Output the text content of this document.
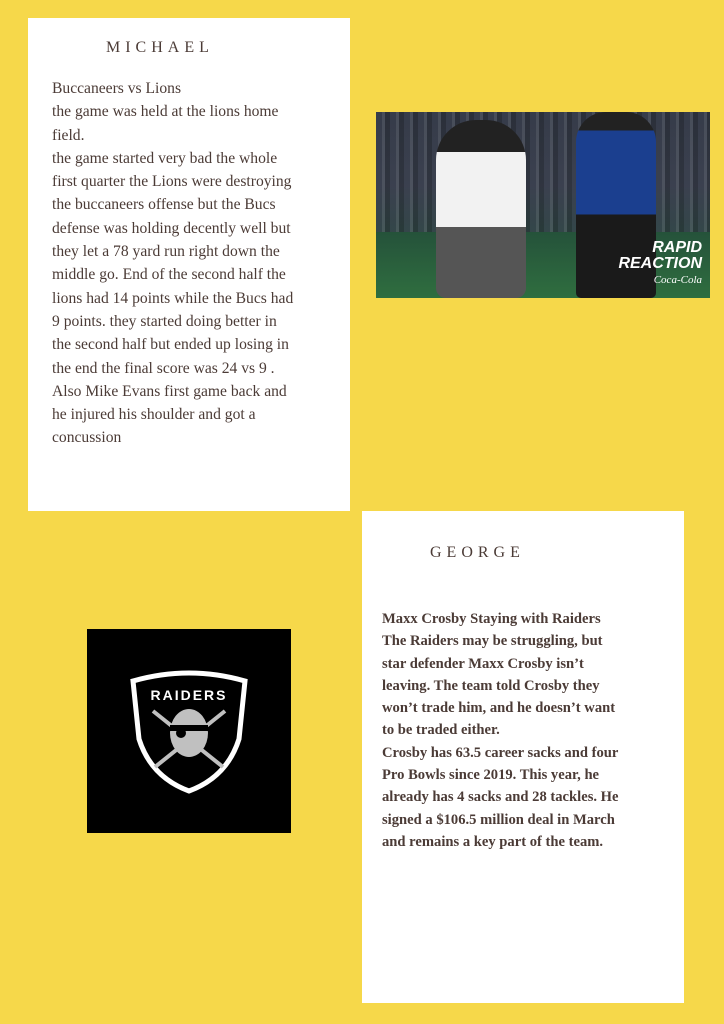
MICHAEL
Buccaneers vs Lions
the game was held at the lions home
field.
the game started very bad the whole
first quarter the Lions were destroying
the buccaneers offense but the Bucs
defense was holding decently well but
they let a 78 yard run right down the
middle go. End of the second half the
lions had 14 points while the Bucs had
9 points. they started doing better in
the second half but ended up losing in
the end the final score was 24 vs 9 .
Also Mike Evans first game back and
he injured his shoulder and got a
concussion
RAPID
REACTION
Coca-Cola
RAIDERS
GEORGE
Maxx Crosby Staying with Raiders
The Raiders may be struggling, but
star defender Maxx Crosby isn’t
leaving. The team told Crosby they
won’t trade him, and he doesn’t want
to be traded either.
Crosby has 63.5 career sacks and four
Pro Bowls since 2019. This year, he
already has 4 sacks and 28 tackles. He
signed a $106.5 million deal in March
and remains a key part of the team.
